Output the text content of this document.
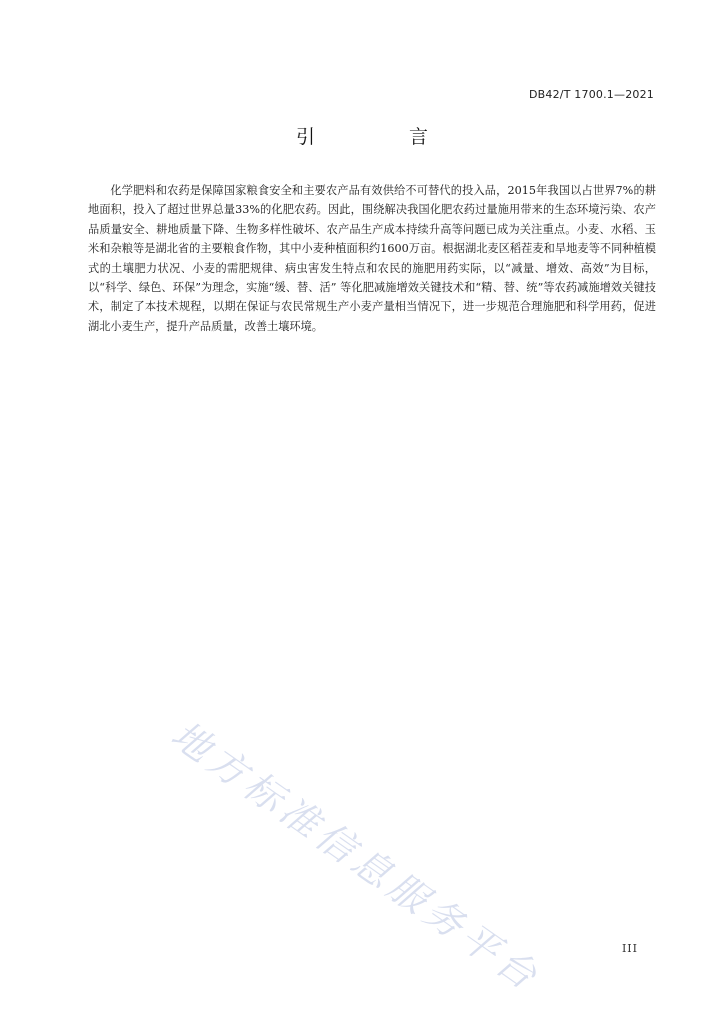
DB42/T 1700.1—2021
引 言

化学肥料和农药是保障国家粮食安全和主要农产品有效供给不可替代的投入品，2015年我国以占世界7%的耕地面积，投入了超过世界总量33%的化肥农药。因此，围绕解决我国化肥农药过量施用带来的生态环境污染、农产品质量安全、耕地质量下降、生物多样性破坏、农产品生产成本持续升高等问题已成为关注重点。小麦、水稻、玉米和杂粮等是湖北省的主要粮食作物，其中小麦种植面积约1600万亩。根据湖北麦区稻茬麦和旱地麦等不同种植模式的土壤肥力状况、小麦的需肥规律、病虫害发生特点和农民的施肥用药实际，以“减量、增效、高效”为目标，以“科学、绿色、环保”为理念，实施“缓、替、活” 等化肥减施增效关键技术和“精、替、统”等农药减施增效关键技术，制定了本技术规程，以期在保证与农民常规生产小麦产量相当情况下，进一步规范合理施肥和科学用药，促进湖北小麦生产，提升产品质量，改善土壤环境。

地方标准信息服务平台	III
